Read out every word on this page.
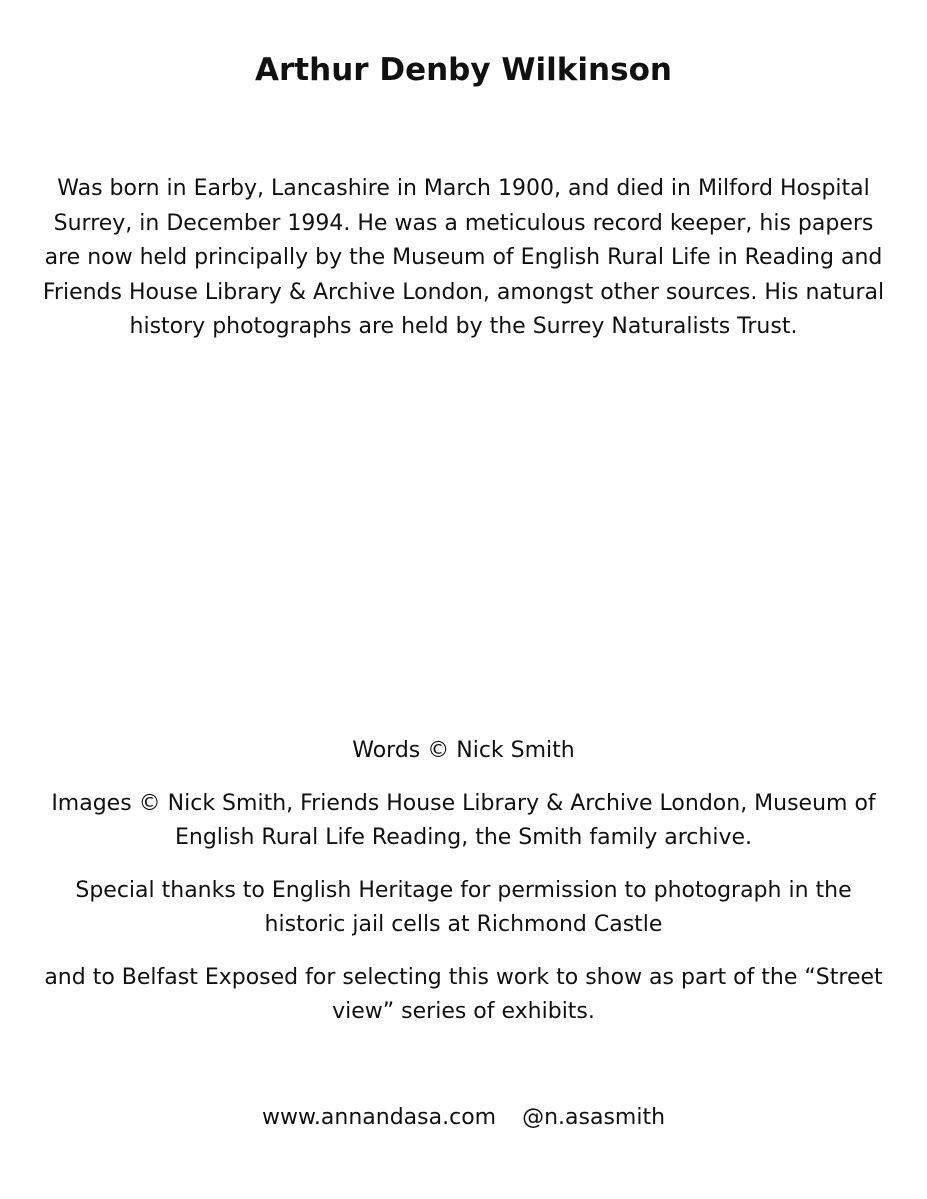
Arthur Denby Wilkinson

Was born in Earby, Lancashire in March 1900, and died in Milford Hospital Surrey, in December 1994. He was a meticulous record keeper, his papers are now held principally by the Museum of English Rural Life in Reading and Friends House Library & Archive London, amongst other sources. His natural history photographs are held by the Surrey Naturalists Trust.

Words © Nick Smith

Images © Nick Smith, Friends House Library & Archive London, Museum of English Rural Life Reading, the Smith family archive.

Special thanks to English Heritage for permission to photograph in the historic jail cells at Richmond Castle

and to Belfast Exposed for selecting this work to show as part of the “Street view” series of exhibits.

www.annandasa.com @n.asasmith
